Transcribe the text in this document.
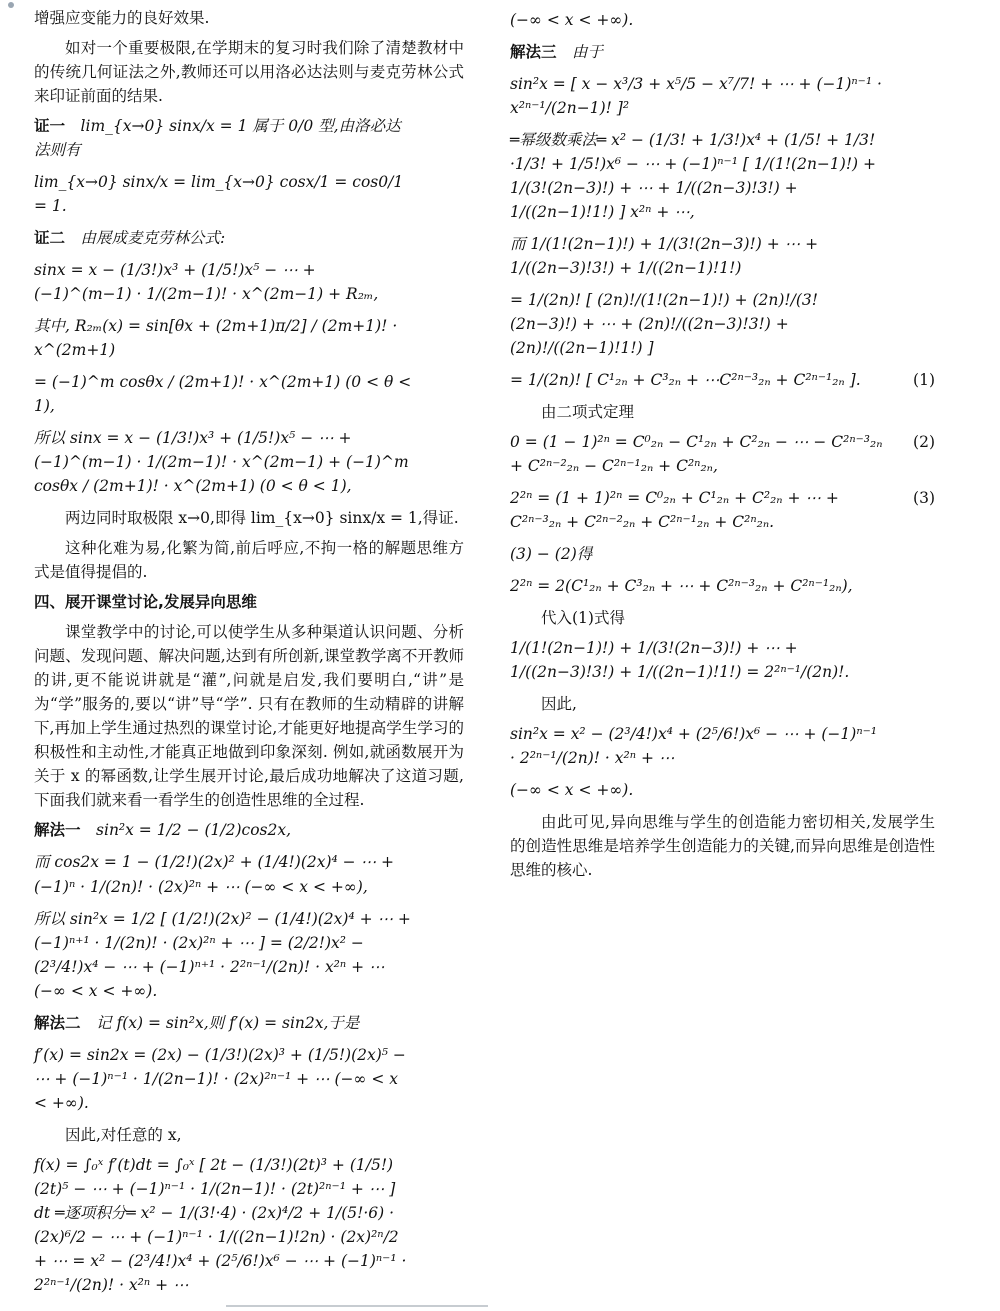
增强应变能力的良好效果.
如对一个重要极限,在学期末的复习时我们除了清楚教材中的传统几何证法之外,教师还可以用洛必达法则与麦克劳林公式来印证前面的结果.
证一　 lim_{x→0} sinx/x = 1 属于 0/0 型,由洛必达法则有
lim_{x→0} sinx/x = lim_{x→0} cosx/1 = cos0/1 = 1.
证二　 由展成麦克劳林公式:
sinx = x − (1/3!)x³ + (1/5!)x⁵ − ⋯ + (−1)^(m−1) · 1/(2m−1)! · x^(2m−1) + R₂ₘ,
其中, R₂ₘ(x) = sin[θx + (2m+1)π/2] / (2m+1)! · x^(2m+1)
= (−1)^m cosθx / (2m+1)! · x^(2m+1) (0 < θ < 1),
所以 sinx = x − (1/3!)x³ + (1/5!)x⁵ − ⋯ + (−1)^(m−1) · 1/(2m−1)! · x^(2m−1) + (−1)^m cosθx / (2m+1)! · x^(2m+1) (0 < θ < 1),
两边同时取极限 x→0,即得 lim_{x→0} sinx/x = 1,得证.
这种化难为易,化繁为简,前后呼应,不拘一格的解题思维方式是值得提倡的.
四、展开课堂讨论,发展异向思维
课堂教学中的讨论,可以使学生从多种渠道认识问题、分析问题、发现问题、解决问题,达到有所创新,课堂教学离不开教师的讲,更不能说讲就是“灌”,问就是启发,我们要明白,“讲”是为“学”服务的,要以“讲”导“学”. 只有在教师的生动精辟的讲解下,再加上学生通过热烈的课堂讨论,才能更好地提高学生学习的积极性和主动性,才能真正地做到印象深刻. 例如,就函数展开为关于 x 的幂函数,让学生展开讨论,最后成功地解决了这道习题,下面我们就来看一看学生的创造性思维的全过程.
解法一　 sin²x = 1/2 − (1/2)cos2x,
而 cos2x = 1 − (1/2!)(2x)² + (1/4!)(2x)⁴ − ⋯ + (−1)ⁿ · 1/(2n)! · (2x)²ⁿ + ⋯ (−∞ < x < +∞),
所以 sin²x = 1/2 [ (1/2!)(2x)² − (1/4!)(2x)⁴ + ⋯ + (−1)ⁿ⁺¹ · 1/(2n)! · (2x)²ⁿ + ⋯ ] = (2/2!)x² − (2³/4!)x⁴ − ⋯ + (−1)ⁿ⁺¹ · 2²ⁿ⁻¹/(2n)! · x²ⁿ + ⋯ (−∞ < x < +∞).
解法二　 记 f(x) = sin²x,则 f′(x) = sin2x,于是
f′(x) = sin2x = (2x) − (1/3!)(2x)³ + (1/5!)(2x)⁵ − ⋯ + (−1)ⁿ⁻¹ · 1/(2n−1)! · (2x)²ⁿ⁻¹ + ⋯ (−∞ < x < +∞).
因此,对任意的 x,
f(x) = ∫₀ˣ f′(t)dt = ∫₀ˣ [ 2t − (1/3!)(2t)³ + (1/5!)(2t)⁵ − ⋯ + (−1)ⁿ⁻¹ · 1/(2n−1)! · (2t)²ⁿ⁻¹ + ⋯ ] dt ═逐项积分═ x² − 1/(3!·4) · (2x)⁴/2 + 1/(5!·6) · (2x)⁶/2 − ⋯ + (−1)ⁿ⁻¹ · 1/((2n−1)!2n) · (2x)²ⁿ/2 + ⋯ = x² − (2³/4!)x⁴ + (2⁵/6!)x⁶ − ⋯ + (−1)ⁿ⁻¹ · 2²ⁿ⁻¹/(2n)! · x²ⁿ + ⋯
(−∞ < x < +∞).
解法三　 由于
sin²x = [ x − x³/3 + x⁵/5 − x⁷/7! + ⋯ + (−1)ⁿ⁻¹ · x²ⁿ⁻¹/(2n−1)! ]²
═幂级数乘法═ x² − (1/3! + 1/3!)x⁴ + (1/5! + 1/3!·1/3! + 1/5!)x⁶ − ⋯ + (−1)ⁿ⁻¹ [ 1/(1!(2n−1)!) + 1/(3!(2n−3)!) + ⋯ + 1/((2n−3)!3!) + 1/((2n−1)!1!) ] x²ⁿ + ⋯,
而 1/(1!(2n−1)!) + 1/(3!(2n−3)!) + ⋯ + 1/((2n−3)!3!) + 1/((2n−1)!1!)
= 1/(2n)! [ (2n)!/(1!(2n−1)!) + (2n)!/(3!(2n−3)!) + ⋯ + (2n)!/((2n−3)!3!) + (2n)!/((2n−1)!1!) ]
= 1/(2n)! [ C¹₂ₙ + C³₂ₙ + ⋯C²ⁿ⁻³₂ₙ + C²ⁿ⁻¹₂ₙ ].	(1)
由二项式定理
0 = (1 − 1)²ⁿ = C⁰₂ₙ − C¹₂ₙ + C²₂ₙ − ⋯ − C²ⁿ⁻³₂ₙ + C²ⁿ⁻²₂ₙ − C²ⁿ⁻¹₂ₙ + C²ⁿ₂ₙ,
(2)
2²ⁿ = (1 + 1)²ⁿ = C⁰₂ₙ + C¹₂ₙ + C²₂ₙ + ⋯ + C²ⁿ⁻³₂ₙ + C²ⁿ⁻²₂ₙ + C²ⁿ⁻¹₂ₙ + C²ⁿ₂ₙ.
(3)
(3) − (2)得
2²ⁿ = 2(C¹₂ₙ + C³₂ₙ + ⋯ + C²ⁿ⁻³₂ₙ + C²ⁿ⁻¹₂ₙ),
代入(1)式得
1/(1!(2n−1)!) + 1/(3!(2n−3)!) + ⋯ + 1/((2n−3)!3!) + 1/((2n−1)!1!) = 2²ⁿ⁻¹/(2n)!.
因此,
sin²x = x² − (2³/4!)x⁴ + (2⁵/6!)x⁶ − ⋯ + (−1)ⁿ⁻¹ · 2²ⁿ⁻¹/(2n)! · x²ⁿ + ⋯
(−∞ < x < +∞).
由此可见,异向思维与学生的创造能力密切相关,发展学生的创造性思维是培养学生创造能力的关键,而异向思维是创造性思维的核心.
